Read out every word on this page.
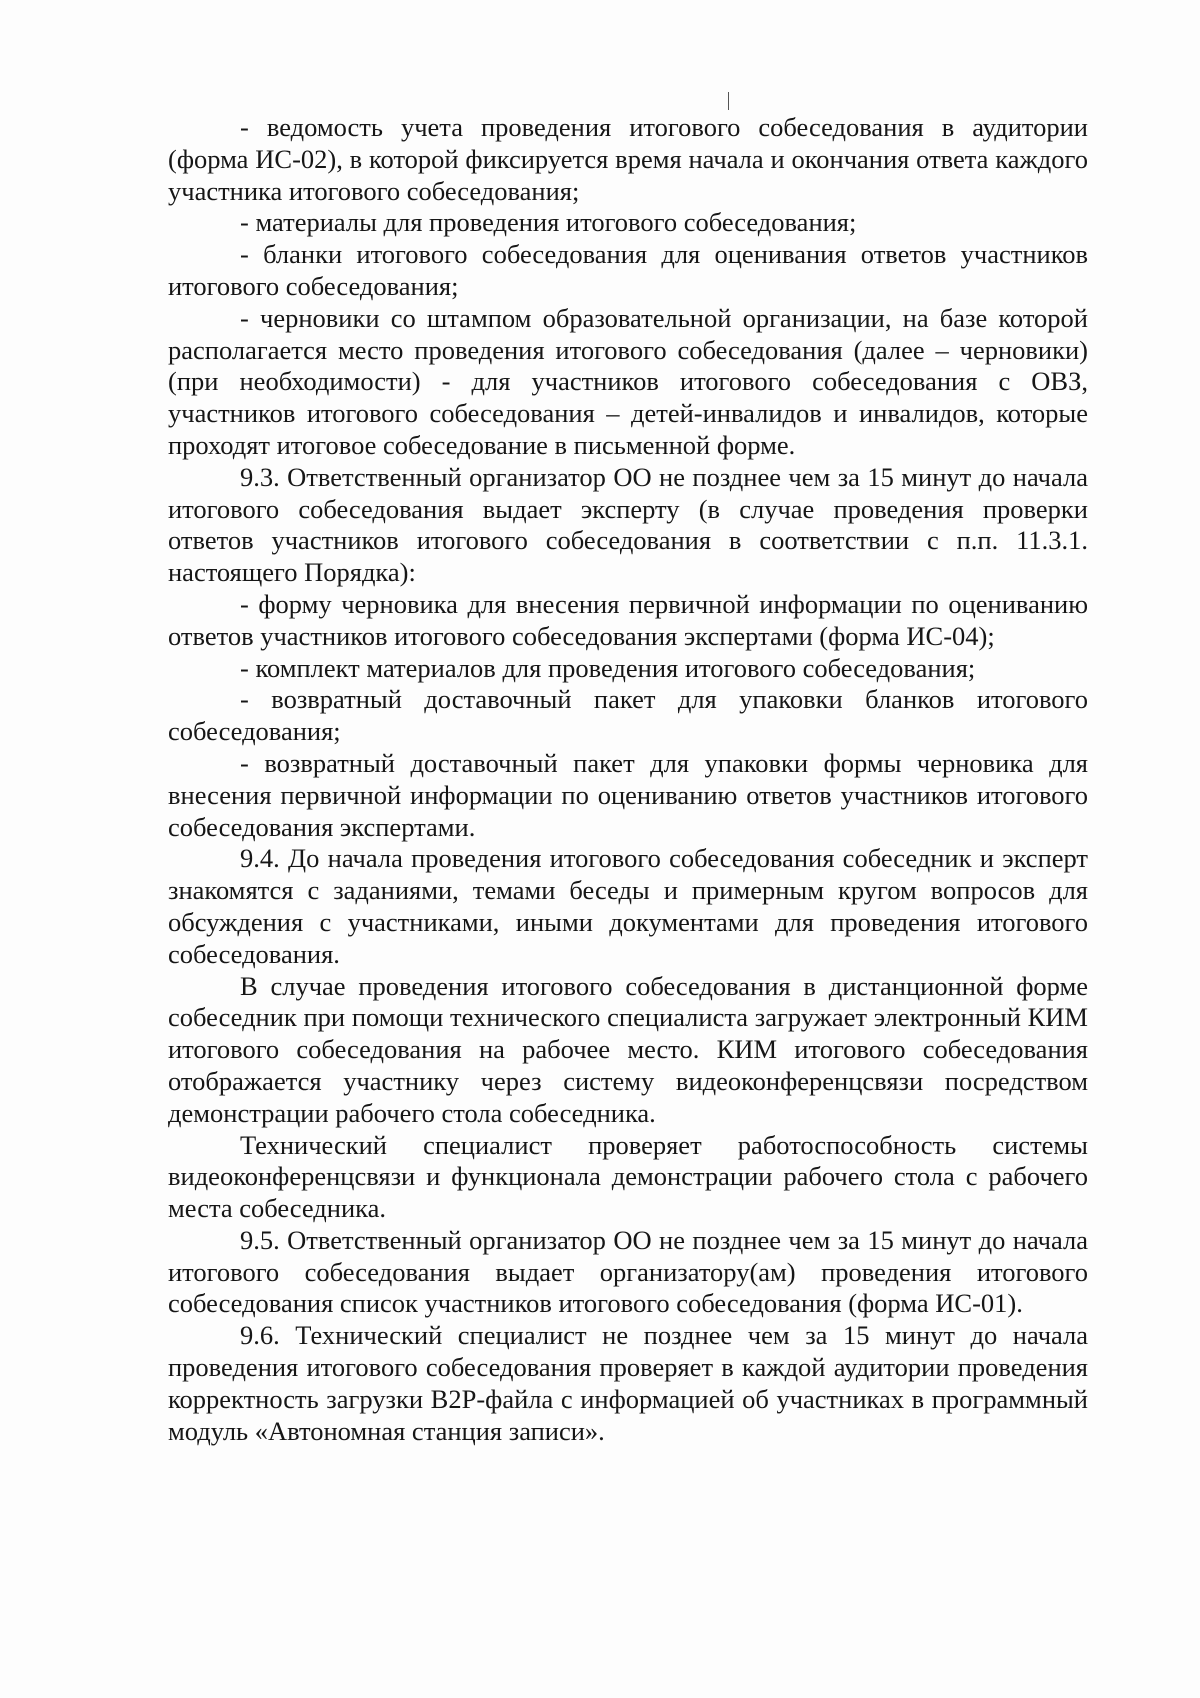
- ведомость учета проведения итогового собеседования в аудитории (форма ИС-02), в которой фиксируется время начала и окончания ответа каждого участника итогового собеседования;

- материалы для проведения итогового собеседования;

- бланки итогового собеседования для оценивания ответов участников итогового собеседования;

- черновики со штампом образовательной организации, на базе которой располагается место проведения итогового собеседования (далее – черновики) (при необходимости) - для участников итогового собеседования с ОВЗ, участников итогового собеседования – детей-инвалидов и инвалидов, которые проходят итоговое собеседование в письменной форме.

9.3. Ответственный организатор ОО не позднее чем за 15 минут до начала итогового собеседования выдает эксперту (в случае проведения проверки ответов участников итогового собеседования в соответствии с п.п. 11.3.1. настоящего Порядка):

- форму черновика для внесения первичной информации по оцениванию ответов участников итогового собеседования экспертами (форма ИС-04);

- комплект материалов для проведения итогового собеседования;

- возвратный доставочный пакет для упаковки бланков итогового собеседования;

- возвратный доставочный пакет для упаковки формы черновика для внесения первичной информации по оцениванию ответов участников итогового собеседования экспертами.

9.4. До начала проведения итогового собеседования собеседник и эксперт знакомятся с заданиями, темами беседы и примерным кругом вопросов для обсуждения с участниками, иными документами для проведения итогового собеседования.

В случае проведения итогового собеседования в дистанционной форме собеседник при помощи технического специалиста загружает электронный КИМ итогового собеседования на рабочее место. КИМ итогового собеседования отображается участнику через систему видеоконференцсвязи посредством демонстрации рабочего стола собеседника.

Технический специалист проверяет работоспособность системы видеоконференцсвязи и функционала демонстрации рабочего стола с рабочего места собеседника.

9.5. Ответственный организатор ОО не позднее чем за 15 минут до начала итогового собеседования выдает организатору(ам) проведения итогового собеседования список участников итогового собеседования (форма ИС-01).

9.6. Технический специалист не позднее чем за 15 минут до начала проведения итогового собеседования проверяет в каждой аудитории проведения корректность загрузки В2Р-файла с информацией об участниках в программный модуль «Автономная станция записи».
